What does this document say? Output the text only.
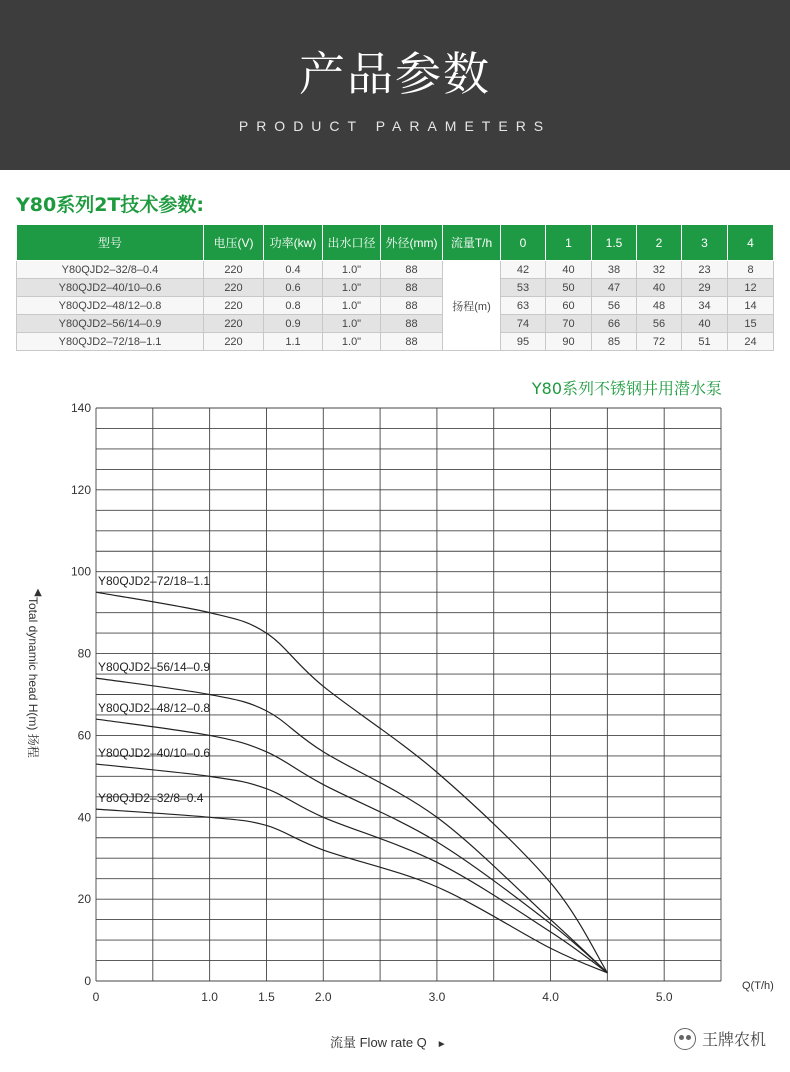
产品参数
PRODUCT PARAMETERS
Y80系列2T技术参数:
型号	电压(V)	功率(kw)	出水口径	外径(mm)	流量T/h	0	1	1.5	2	3	4
Y80QJD2–32/8–0.4	220	0.4	1.0"	88	扬程(m)	42	40	38	32	23	8
Y80QJD2–40/10–0.6	220	0.6	1.0"	88		53	50	47	40	29	12
Y80QJD2–48/12–0.8	220	0.8	1.0"	88		63	60	56	48	34	14
Y80QJD2–56/14–0.9	220	0.9	1.0"	88		74	70	66	56	40	15
Y80QJD2–72/18–1.1	220	1.1	1.0"	88		95	90	85	72	51	24
Y80系列不锈钢井用潜水泵
0
20
40
60
80
100
120
140
0	1.0	1.5	2.0	3.0	4.0	5.0
Q(T/h)
Y80QJD2–72/18–1.1
Y80QJD2–56/14–0.9
Y80QJD2–48/12–0.8
Y80QJD2–40/10–0.6
Y80QJD2–32/8–0.4
▲
Total dynamic head H(m) 扬程
流量 Flow rate Q ►	王牌农机
